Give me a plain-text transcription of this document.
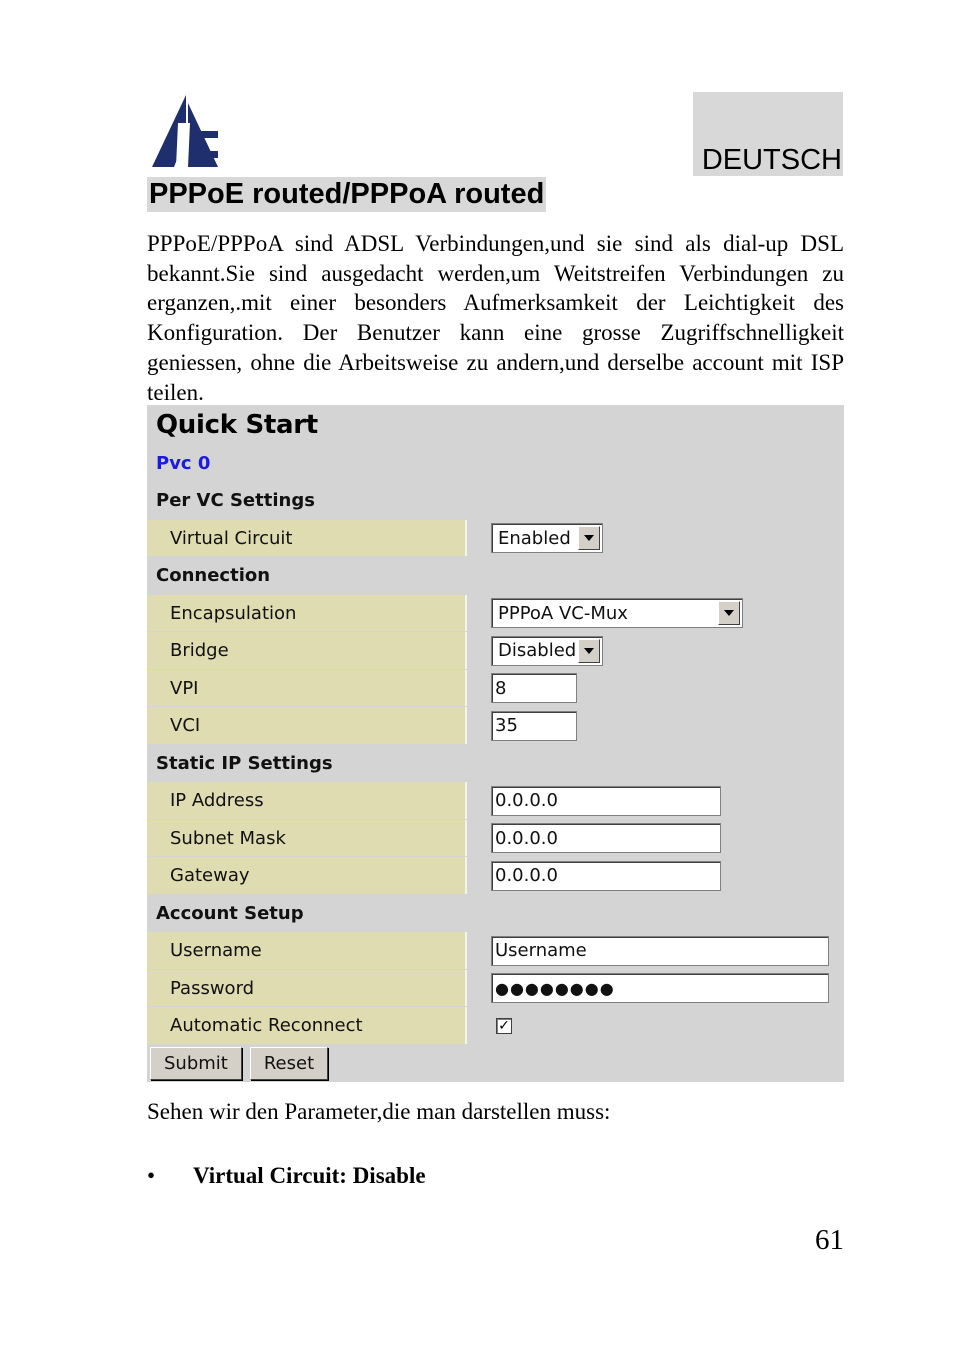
DEUTSCH
PPPoE routed/PPPoA routed

PPPoE/PPPoA sind ADSL Verbindungen,und sie sind als dial-up DSL bekannt.Sie sind ausgedacht werden,um Weitstreifen Verbindungen zu erganzen,.mit einer besonders Aufmerksamkeit der Leichtigkeit des Konfiguration. Der Benutzer kann eine grosse Zugriffschnelligkeit geniessen, ohne die Arbeitsweise zu andern,und derselbe account mit ISP teilen.

Quick Start
Pvc 0
Per VC Settings
Virtual Circuit	Enabled
Connection
Encapsulation	PPPoA VC-Mux
Bridge	Disabled
VPI	8
VCI	35
Static IP Settings
IP Address	0.0.0.0
Subnet Mask	0.0.0.0
Gateway	0.0.0.0
Account Setup
Username	Username
Password	●●●●●●●●
Automatic Reconnect	✓
Submit	Reset

Sehen wir den Parameter,die man darstellen muss:

•	Virtual Circuit: Disable
61
